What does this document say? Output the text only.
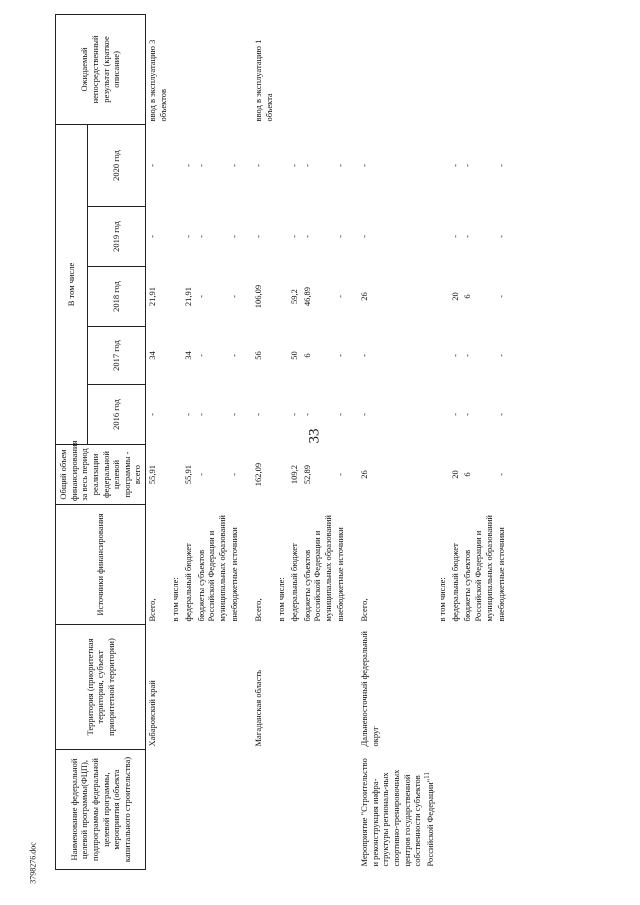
33
Наименование федеральной целевой программы(ФЦП), подпрограммы федеральной целевой программы, мероприятия (объекта капитального строительства)	Территория (приоритетная территория, субъект приоритетной территории)	Источники финансирования	Общий объем финансирования за весь период реализации федеральной целевой программы - всего	В том числе					Ожидаемый непосредственный результат (краткое описание)
				2016 год	2017 год	2018 год	2019 год	2020 год	
	Хабаровский край	Всего,	55,91	-	34	21,91	-	-	ввод в эксплуатацию 3 объектов
		в том числе:							
		федеральный бюджет	55,91	-	34	21,91	-	-	
		бюджеты субъектов Российской Федерации и муниципальных образований	-	-	-	-	-	-	
		внебюджетные источники	-	-	-	-	-	-	

	Магаданская область	Всего,	162,09	-	56	106,09	-	-	ввод в эксплуатацию 1 объекта
		в том числе:							
		федеральный бюджет	109,2	-	50	59,2	-	-	
		бюджеты субъектов Российской Федерации и муниципальных образований	52,89	-	6	46,89	-	-	
		внебюджетные источники	-	-	-	-	-	-	

Мероприятие "Строительство и реконструкция инфра-структуры региональ-ных спортивно-тренировочных центров государственной собственности субъектов Российской Федерации"$^{11}$	Дальневосточный федеральный округ	Всего,	26	-	-	26	-	-	
		в том числе:							
		федеральный бюджет	20	-	-	20	-	-	
		бюджеты субъектов Российской Федерации и муниципальных образований	6	-	-	6	-	-	
		внебюджетные источники	-	-	-	-	-	-	
3798276.doc
